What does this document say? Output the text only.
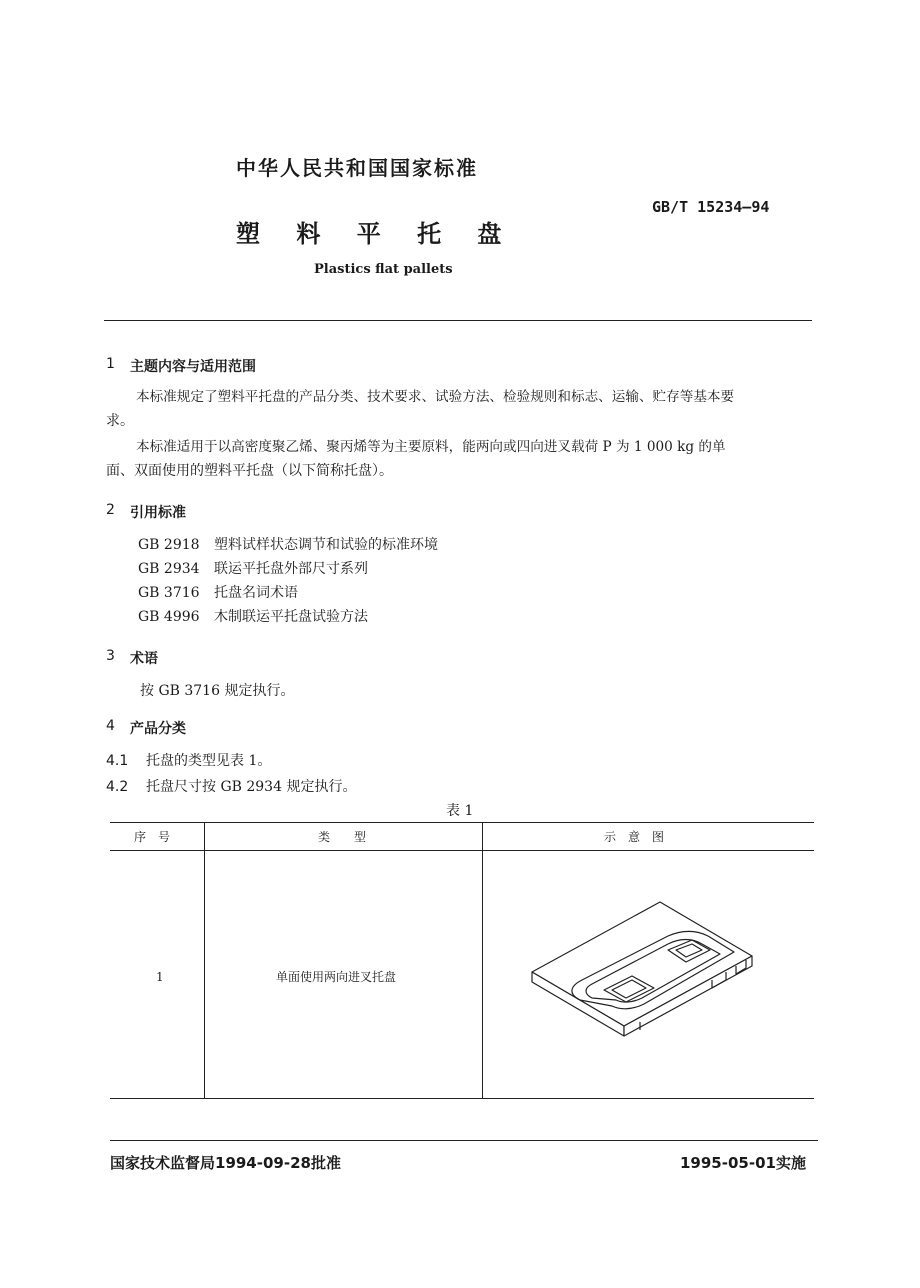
中华人民共和国国家标准
GB/T 15234—94
塑 料 平 托 盘
Plastics flat pallets
1 主题内容与适用范围
本标准规定了塑料平托盘的产品分类、技术要求、试验方法、检验规则和标志、运输、贮存等基本要
求。
本标准适用于以高密度聚乙烯、聚丙烯等为主要原料，能两向或四向进叉载荷 P 为 1 000 kg 的单
面、双面使用的塑料平托盘（以下简称托盘）。
2 引用标准
GB 2918 塑料试样状态调节和试验的标准环境
GB 2934 联运平托盘外部尺寸系列
GB 3716 托盘名词术语
GB 4996 木制联运平托盘试验方法
3 术语
按 GB 3716 规定执行。
4 产品分类
4.1 托盘的类型见表 1。
4.2 托盘尺寸按 GB 2934 规定执行。
表 1
序　号	类　　型	示　意　图
1	单面使用两向进叉托盘
国家技术监督局1994-09-28批准	1995-05-01实施
